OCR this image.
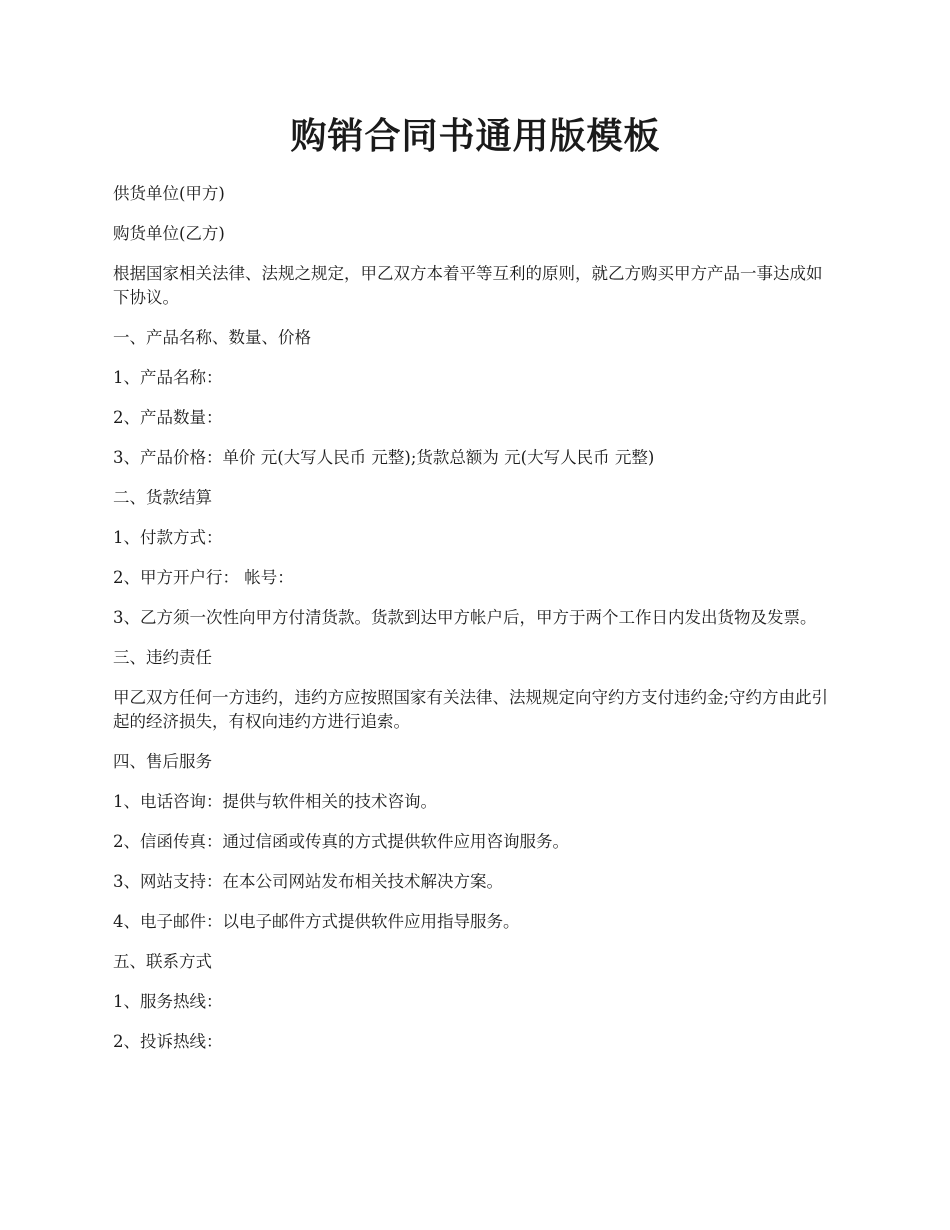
购销合同书通用版模板

供货单位(甲方)

购货单位(乙方)

根据国家相关法律、法规之规定，甲乙双方本着平等互利的原则，就乙方购买甲方产品一事达成如下协议。

一、产品名称、数量、价格

1、产品名称：

2、产品数量：

3、产品价格：单价 元(大写人民币 元整);货款总额为 元(大写人民币 元整)

二、货款结算

1、付款方式：

2、甲方开户行： 帐号：

3、乙方须一次性向甲方付清货款。货款到达甲方帐户后，甲方于两个工作日内发出货物及发票。

三、违约责任

甲乙双方任何一方违约，违约方应按照国家有关法律、法规规定向守约方支付违约金;守约方由此引起的经济损失，有权向违约方进行追索。

四、售后服务

1、电话咨询：提供与软件相关的技术咨询。

2、信函传真：通过信函或传真的方式提供软件应用咨询服务。

3、网站支持：在本公司网站发布相关技术解决方案。

4、电子邮件：以电子邮件方式提供软件应用指导服务。

五、联系方式

1、服务热线：

2、投诉热线：
